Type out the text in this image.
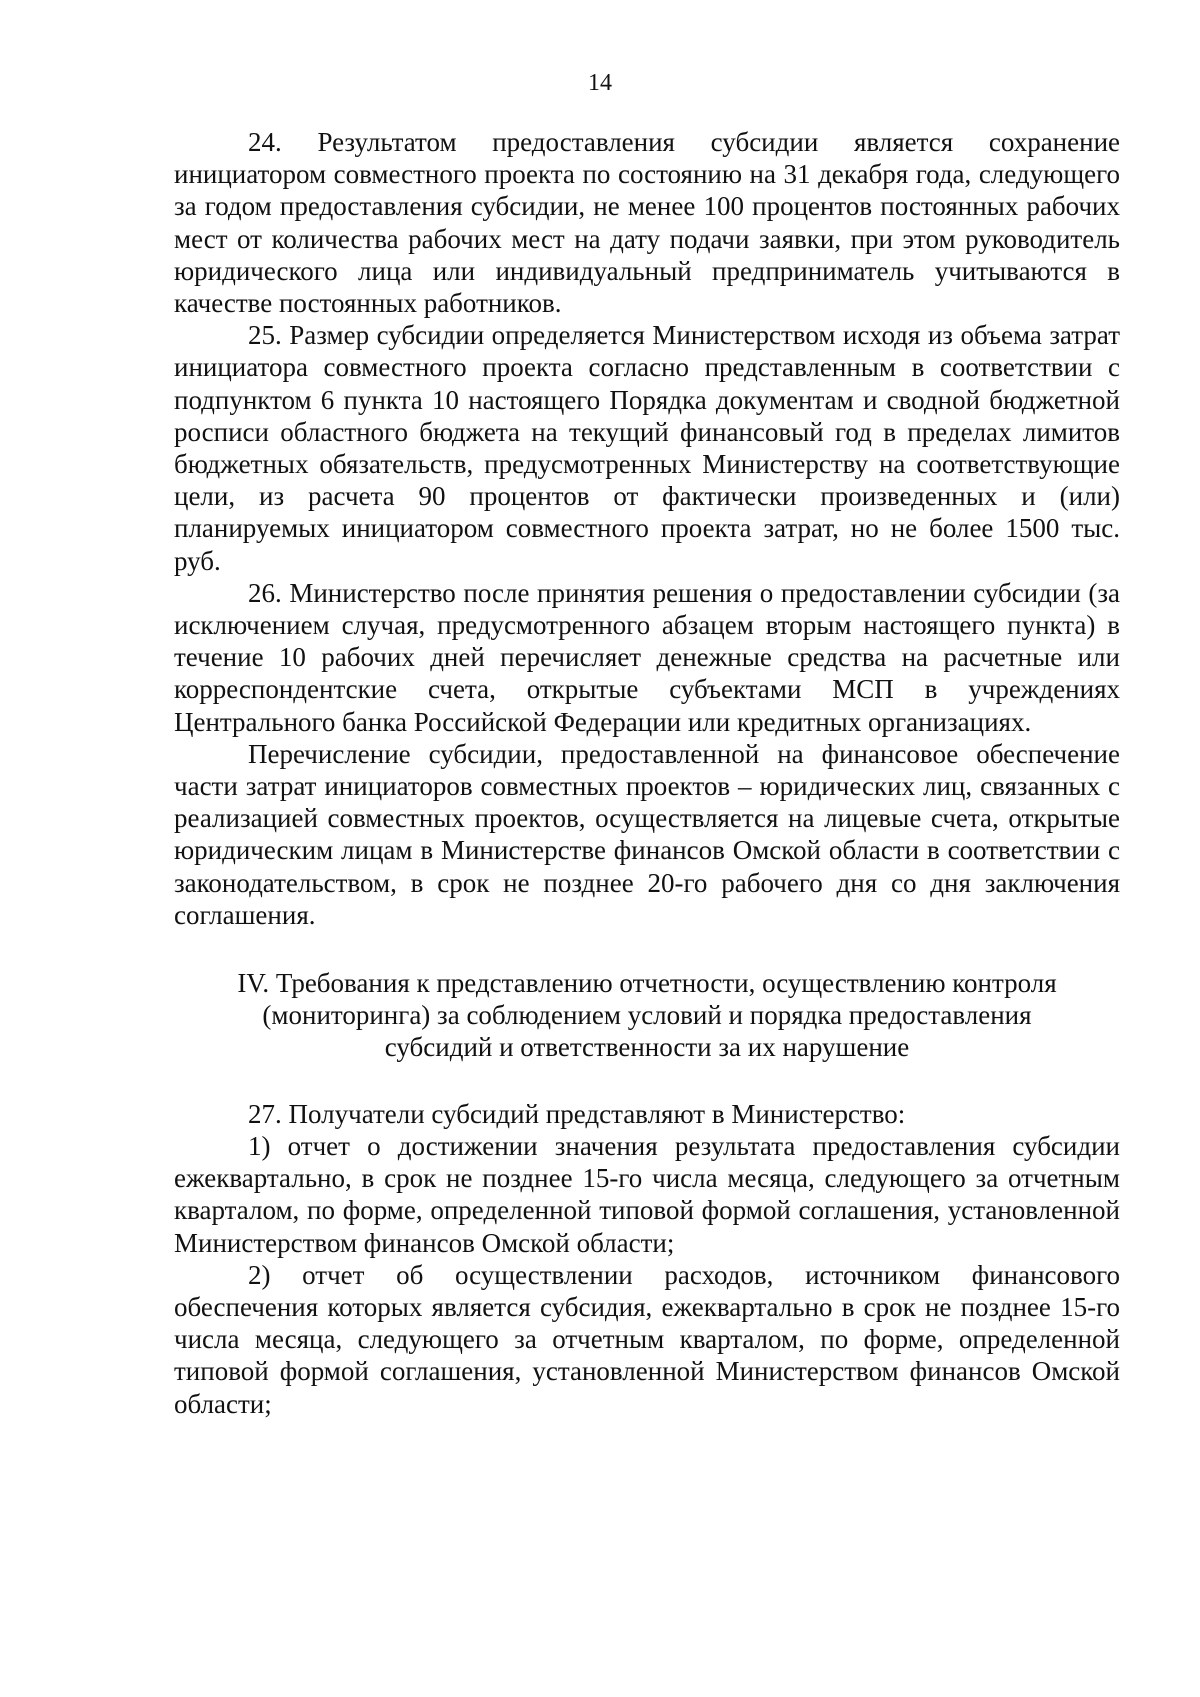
14

24. Результатом предоставления субсидии является сохранение инициатором совместного проекта по состоянию на 31 декабря года, следующего за годом предоставления субсидии, не менее 100 процентов постоянных рабочих мест от количества рабочих мест на дату подачи заявки, при этом руководитель юридического лица или индивидуальный предприниматель учитываются в качестве постоянных работников.

25. Размер субсидии определяется Министерством исходя из объема затрат инициатора совместного проекта согласно представленным в соответствии с подпунктом 6 пункта 10 настоящего Порядка документам и сводной бюджетной росписи областного бюджета на текущий финансовый год в пределах лимитов бюджетных обязательств, предусмотренных Министерству на соответствующие цели, из расчета 90 процентов от фактически произведенных и (или) планируемых инициатором совместного проекта затрат, но не более 1500 тыс. руб.

26. Министерство после принятия решения о предоставлении субсидии (за исключением случая, предусмотренного абзацем вторым настоящего пункта) в течение 10 рабочих дней перечисляет денежные средства на расчетные или корреспондентские счета, открытые субъектами МСП в учреждениях Центрального банка Российской Федерации или кредитных организациях.

Перечисление субсидии, предоставленной на финансовое обеспечение части затрат инициаторов совместных проектов – юридических лиц, связанных с реализацией совместных проектов, осуществляется на лицевые счета, открытые юридическим лицам в Министерстве финансов Омской области в соответствии с законодательством, в срок не позднее 20-го рабочего дня со дня заключения соглашения.

IV. Требования к представлению отчетности, осуществлению контроля
(мониторинга) за соблюдением условий и порядка предоставления
субсидий и ответственности за их нарушение

27. Получатели субсидий представляют в Министерство:

1) отчет о достижении значения результата предоставления субсидии ежеквартально, в срок не позднее 15-го числа месяца, следующего за отчетным кварталом, по форме, определенной типовой формой соглашения, установленной Министерством финансов Омской области;

2) отчет об осуществлении расходов, источником финансового обеспечения которых является субсидия, ежеквартально в срок не позднее 15-го числа месяца, следующего за отчетным кварталом, по форме, определенной типовой формой соглашения, установленной Министерством финансов Омской области;
